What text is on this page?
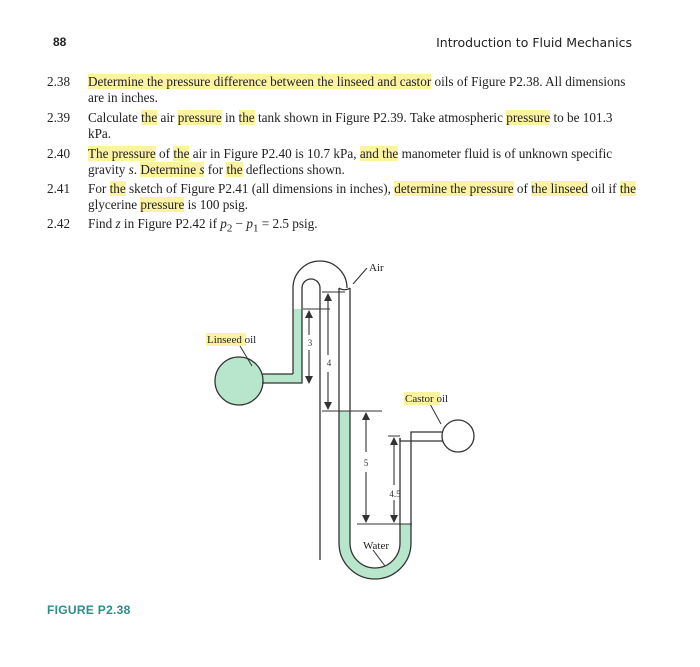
88	Introduction to Fluid Mechanics
2.38	Determine the pressure difference between the linseed and castor oils of Figure P2.38. All dimensions are in inches.
2.39	Calculate the air pressure in the tank shown in Figure P2.39. Take atmospheric pressure to be 101.3 kPa.
2.40	The pressure of the air in Figure P2.40 is 10.7 kPa, and the manometer fluid is of unknown specific gravity s. Determine s for the deflections shown.
2.41	For the sketch of Figure P2.41 (all dimensions in inches), determine the pressure of the linseed oil if the glycerine pressure is 100 psig.
2.42	Find z in Figure P2.42 if $p_2 - p_1 = 2.5$ psig.
3
4
5
4.5
Air
Linseed oil
Castor oil
Water
FIGURE P2.38
